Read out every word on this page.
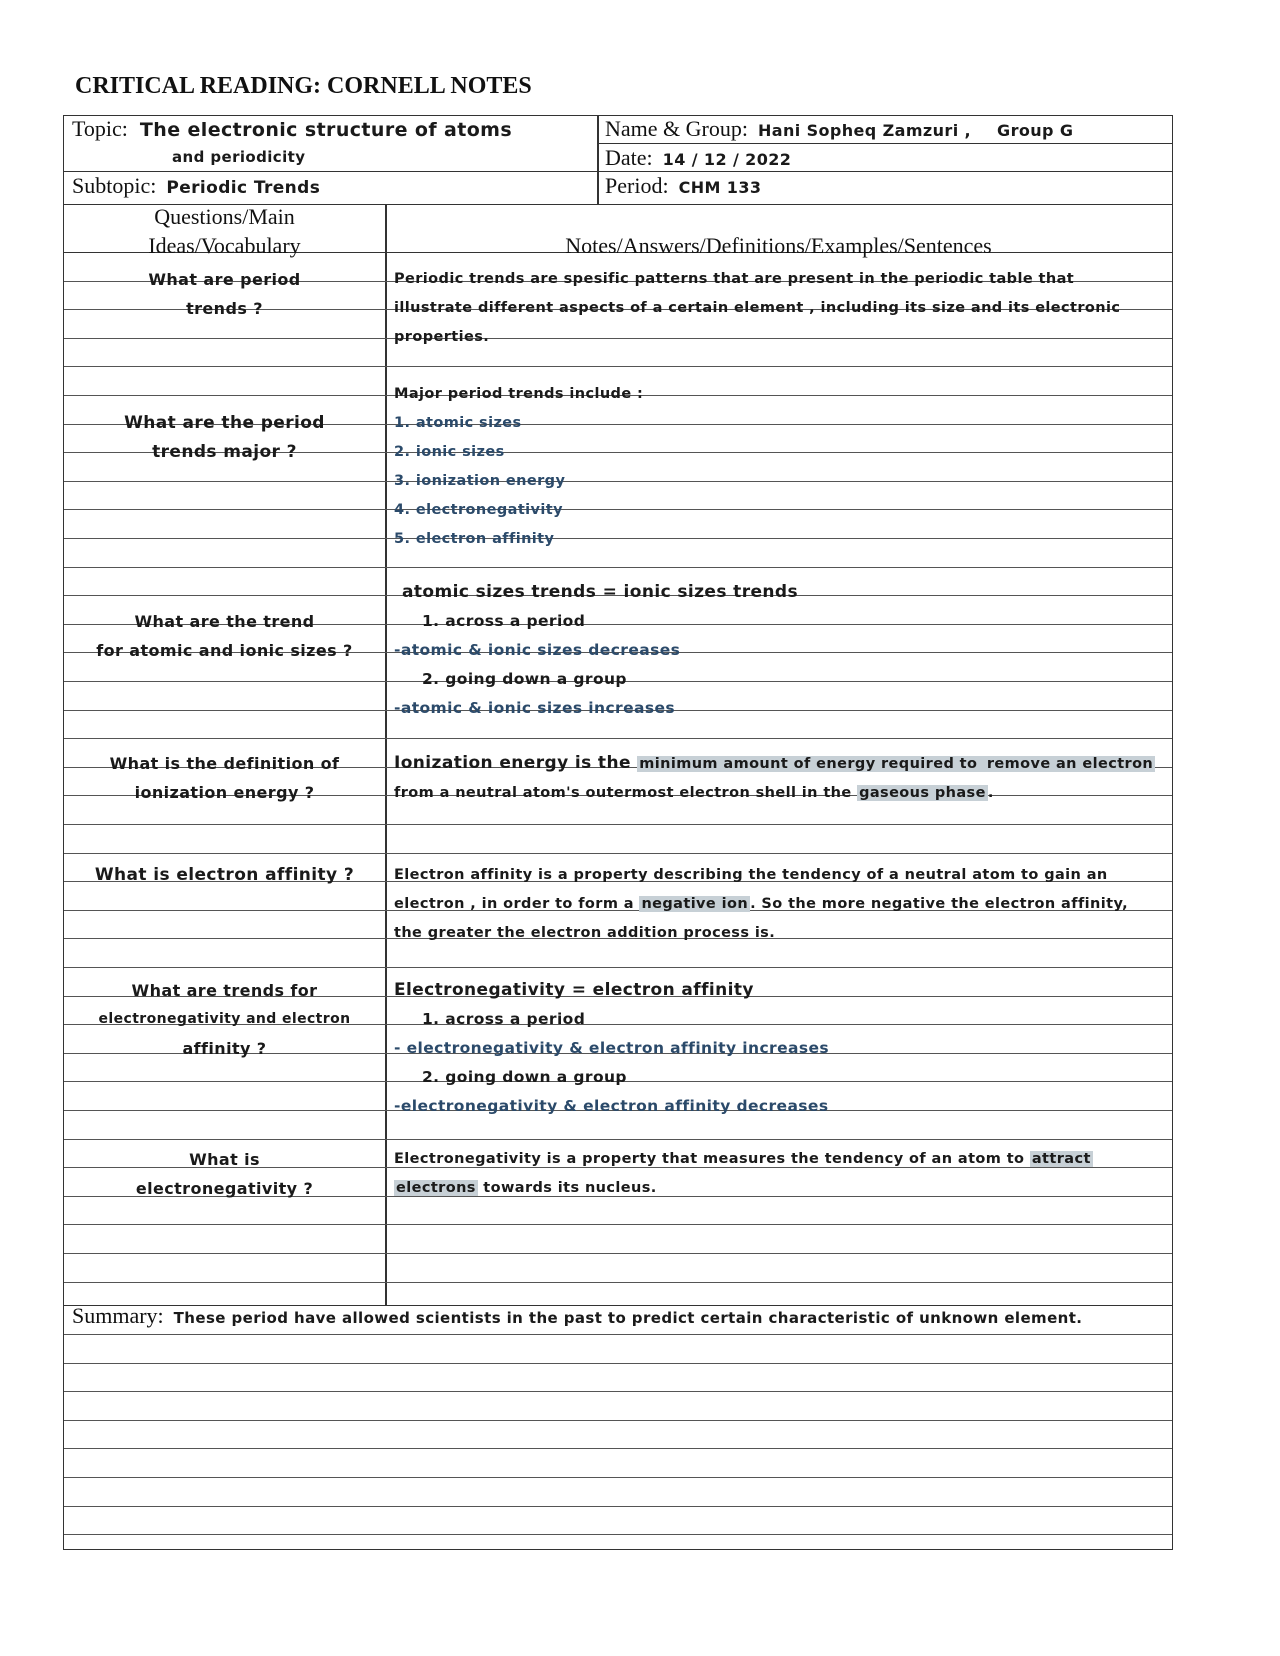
CRITICAL READING: CORNELL NOTES
Topic: The electronic structure of atoms
and periodicity
Subtopic: Periodic Trends
Name & Group: Hani Sopheq Zamzuri , Group G
Date: 14 / 12 / 2022
Period: CHM 133
Questions/Main
Ideas/Vocabulary	Notes/Answers/Definitions/Examples/Sentences
What are period
trends ?
What are the period
trends major ?
What are the trend
for atomic and ionic sizes ?
What is the definition of
ionization energy ?
What is electron affinity ?
What are trends for
electronegativity and electron
affinity ?
What is
electronegativity ?
Periodic trends are spesific patterns that are present in the periodic table that
illustrate different aspects of a certain element , including its size and its electronic
properties.
Major period trends include :
1. atomic sizes
2. ionic sizes
3. ionization energy
4. electronegativity
5. electron affinity
atomic sizes trends = ionic sizes trends
1. across a period
-atomic & ionic sizes decreases
2. going down a group
-atomic & ionic sizes increases
Ionization energy is the minimum amount of energy required to remove an electron
from a neutral atom's outermost electron shell in the gaseous phase .
Electron affinity is a property describing the tendency of a neutral atom to gain an
electron , in order to form a negative ion . So the more negative the electron affinity,
the greater the electron addition process is.
Electronegativity = electron affinity
1. across a period
- electronegativity & electron affinity increases
2. going down a group
-electronegativity & electron affinity decreases
Electronegativity is a property that measures the tendency of an atom to attract
electrons towards its nucleus.
Summary: These period have allowed scientists in the past to predict certain characteristic of unknown element.
